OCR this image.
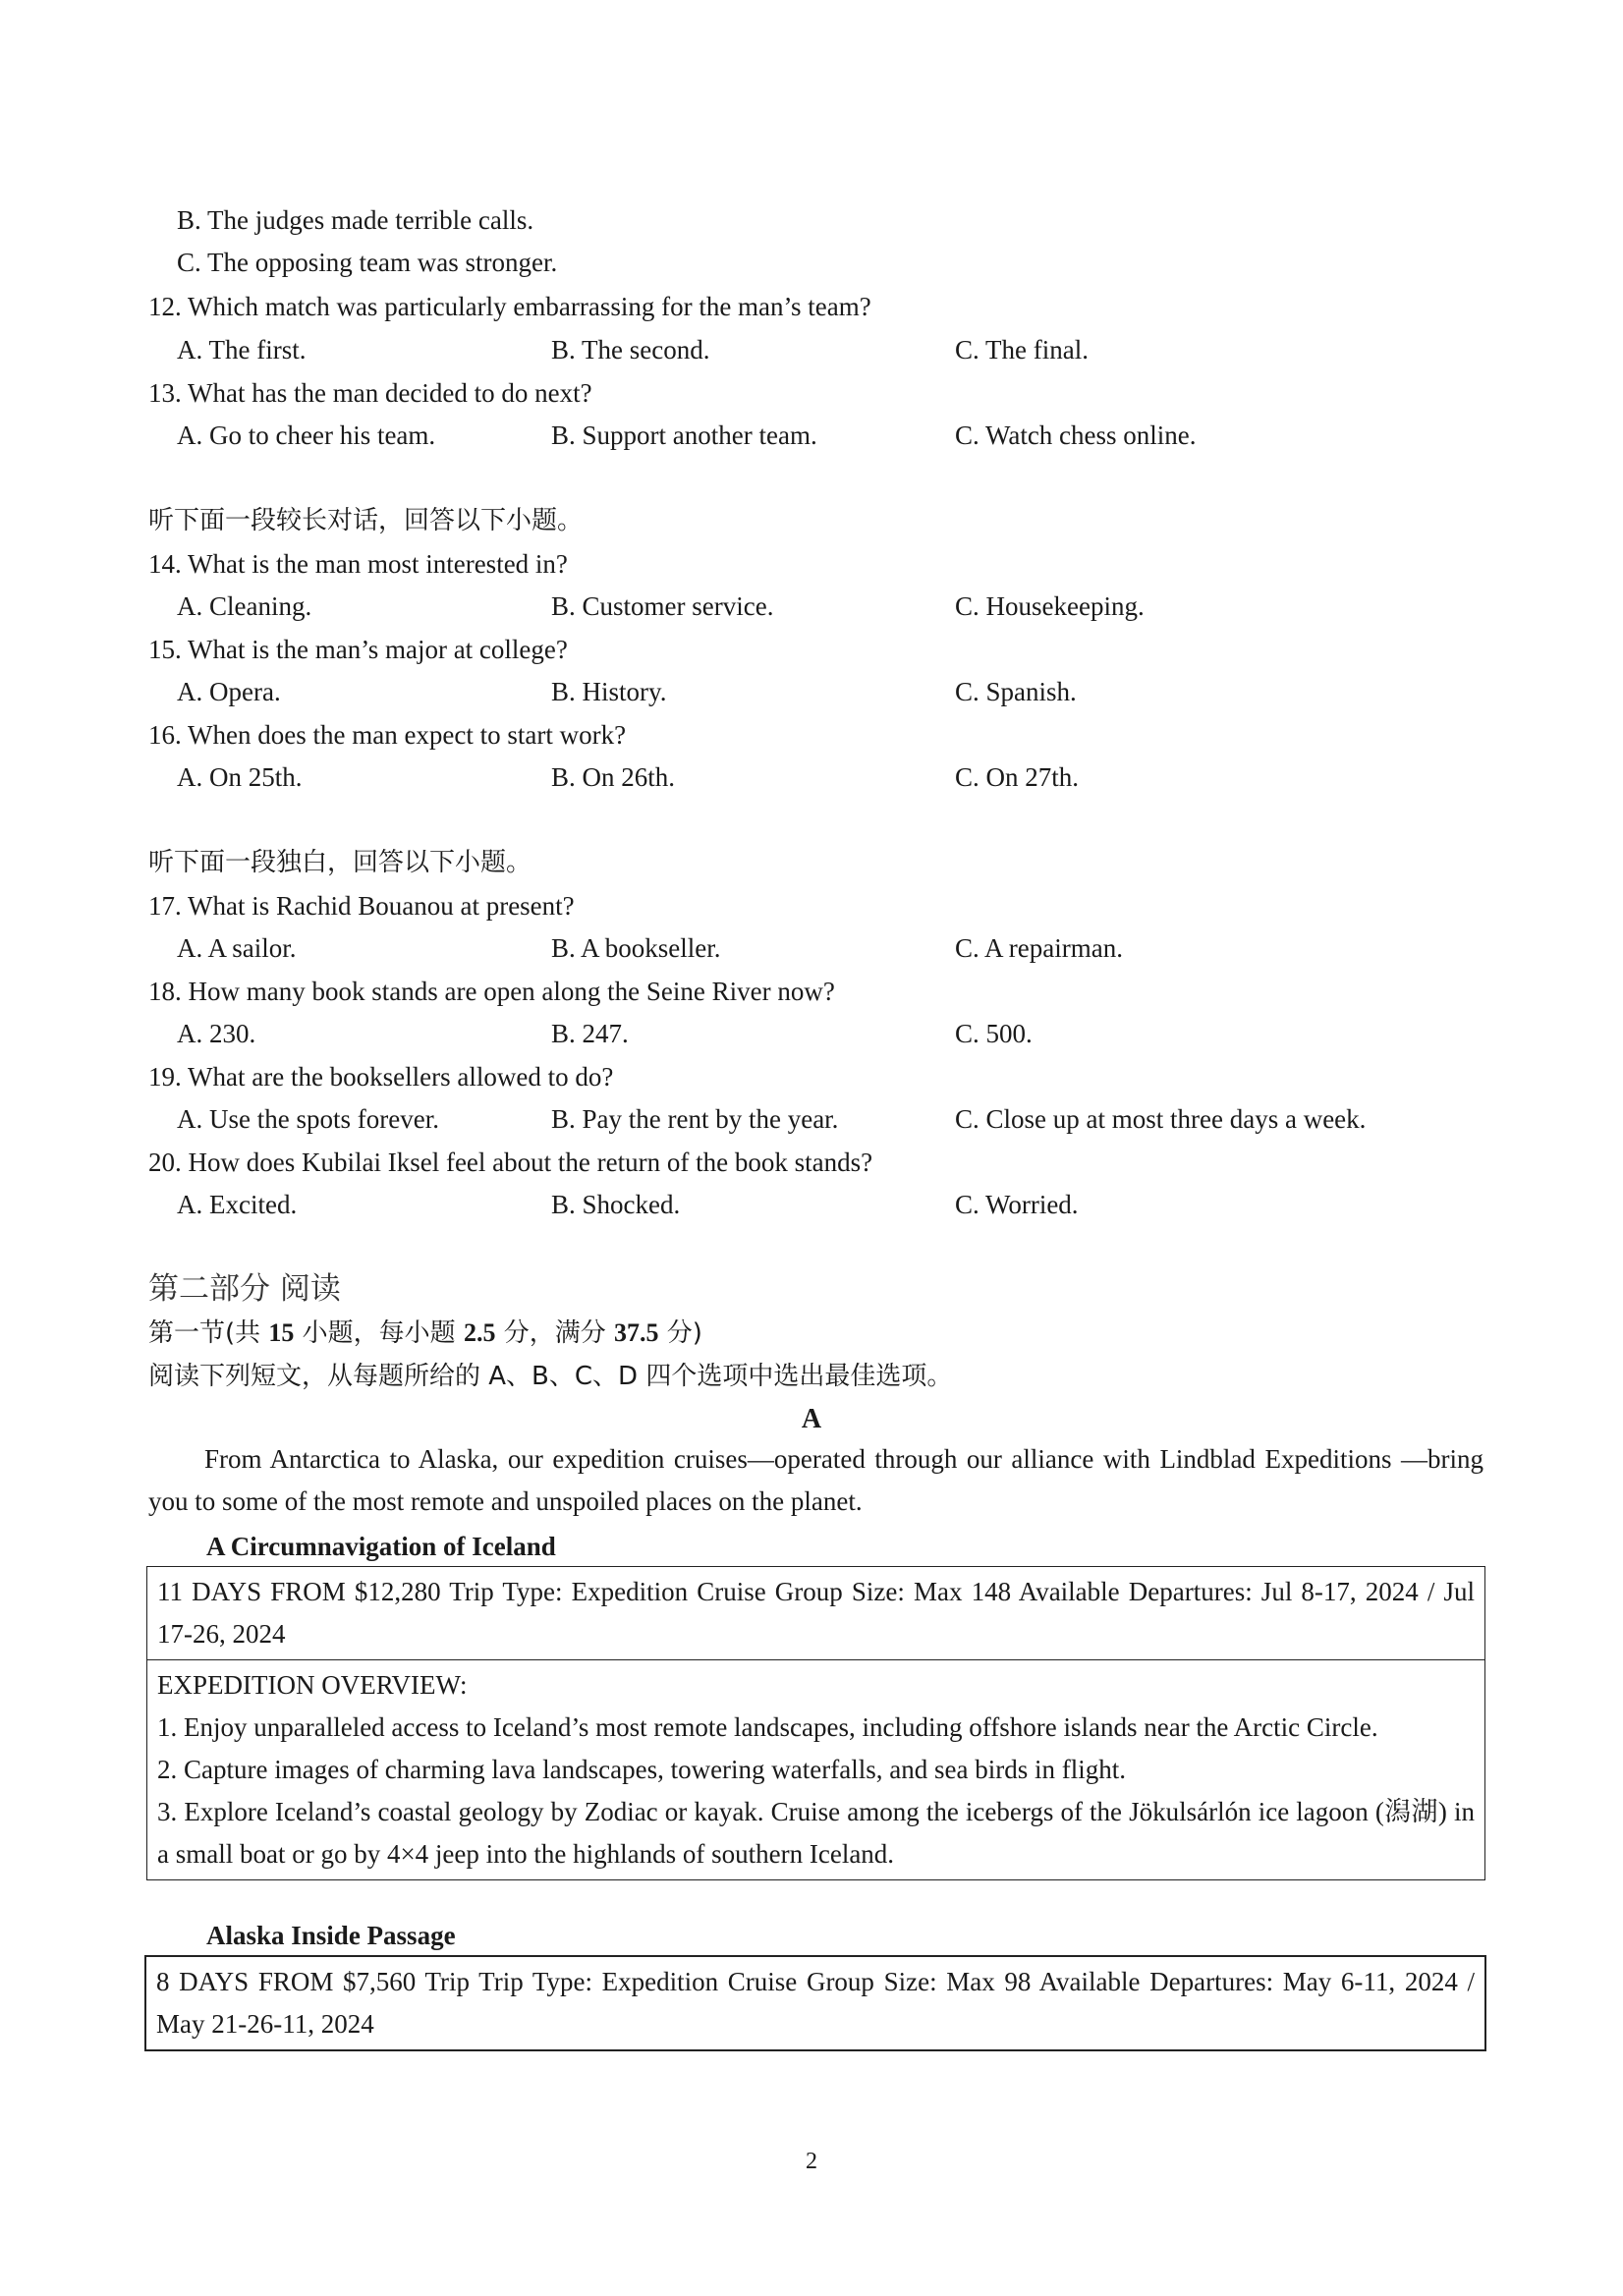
B. The judges made terrible calls.
C. The opposing team was stronger.
12. Which match was particularly embarrassing for the man’s team?
A. The first.	B. The second.	C. The final.
13. What has the man decided to do next?
A. Go to cheer his team.	B. Support another team.	C. Watch chess online.
听下面一段较长对话，回答以下小题。
14. What is the man most interested in?
A. Cleaning.	B. Customer service.	C. Housekeeping.
15. What is the man’s major at college?
A. Opera.	B. History.	C. Spanish.
16. When does the man expect to start work?
A. On 25th.	B. On 26th.	C. On 27th.
听下面一段独白，回答以下小题。
17. What is Rachid Bouanou at present?
A. A sailor.	B. A bookseller.	C. A repairman.
18. How many book stands are open along the Seine River now?
A. 230.	B. 247.	C. 500.
19. What are the booksellers allowed to do?
A. Use the spots forever.	B. Pay the rent by the year.	C. Close up at most three days a week.
20. How does Kubilai Iksel feel about the return of the book stands?
A. Excited.	B. Shocked.	C. Worried.
第二部分 阅读
第一节(共 15 小题，每小题 2.5 分，满分 37.5 分)
阅读下列短文，从每题所给的 A、B、C、D 四个选项中选出最佳选项。
A
From Antarctica to Alaska, our expedition cruises—operated through our alliance with Lindblad Expeditions —bring you to some of the most remote and unspoiled places on the planet.
A Circumnavigation of Iceland
11 DAYS FROM $12,280 Trip Type: Expedition Cruise Group Size: Max 148 Available Departures: Jul 8-17, 2024 / Jul 17-26, 2024
EXPEDITION OVERVIEW:
1. Enjoy unparalleled access to Iceland’s most remote landscapes, including offshore islands near the Arctic Circle.
2. Capture images of charming lava landscapes, towering waterfalls, and sea birds in flight.
3. Explore Iceland’s coastal geology by Zodiac or kayak. Cruise among the icebergs of the Jökulsárlón ice lagoon (潟湖) in a small boat or go by 4×4 jeep into the highlands of southern Iceland.
Alaska Inside Passage
8 DAYS FROM $7,560 Trip Trip Type: Expedition Cruise Group Size: Max 98 Available Departures: May 6-11, 2024 / May 21-26-11, 2024
2
